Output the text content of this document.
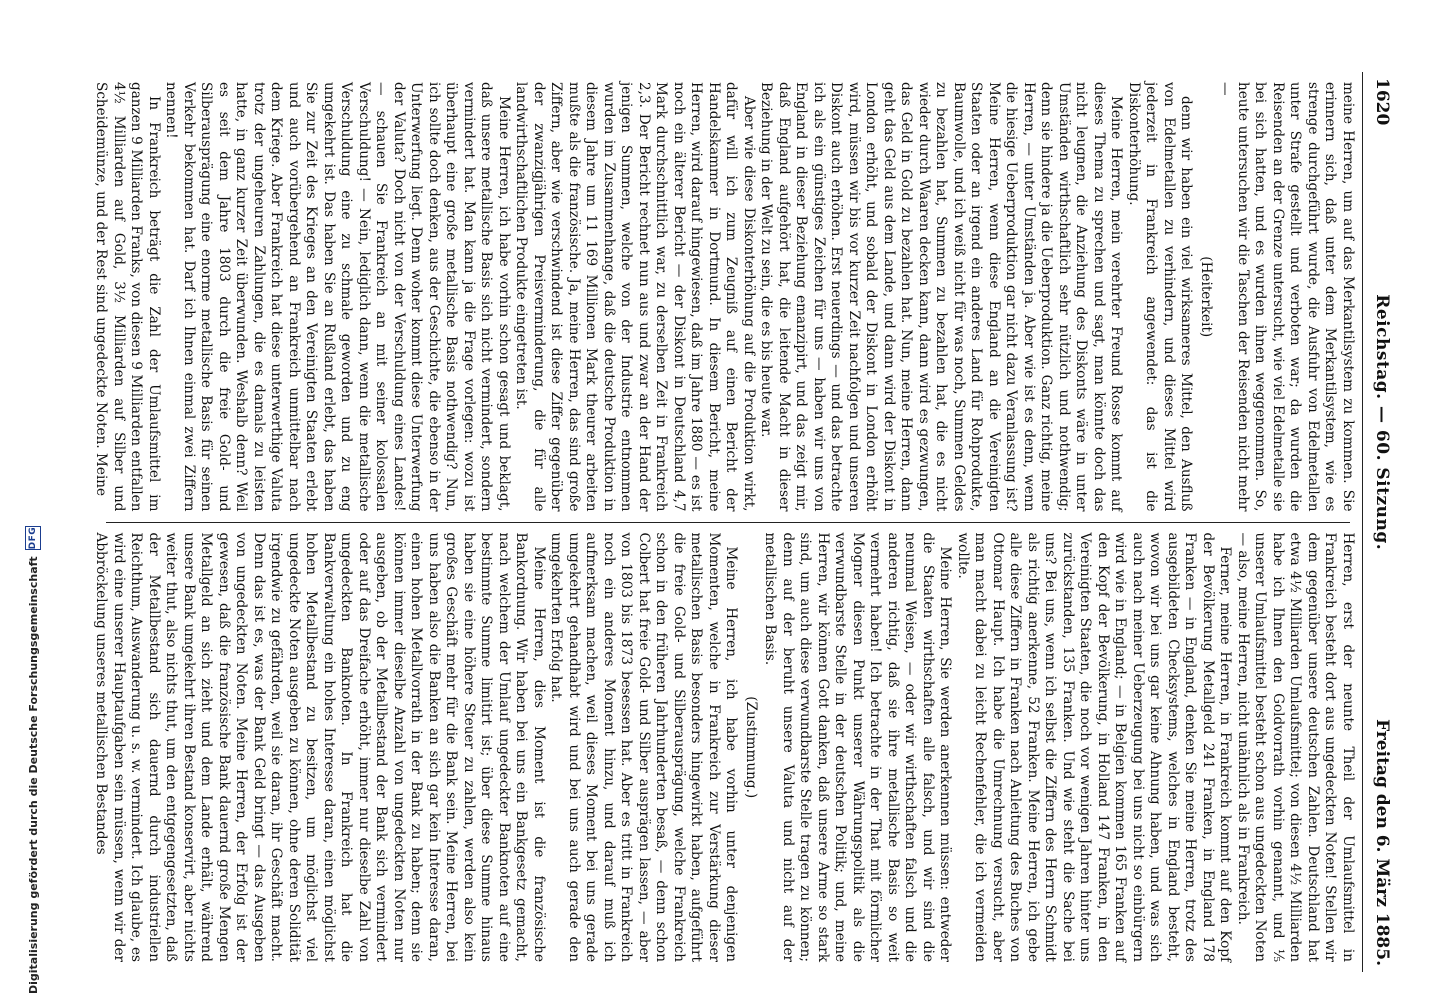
1620
Reichstag. — 60. Sitzung.
Freitag den 6. März 1885.

meine Herren, um auf das Merkantilsystem zu kommen. Sie erinnern sich, daß unter dem Merkantilsystem, wie es strenge durchgeführt wurde, die Ausfuhr von Edelmetallen unter Strafe gestellt und verboten war; da wurden die Reisenden an der Grenze untersucht, wie viel Edelmetalle sie bei sich hatten, und es wurden ihnen weggenommen. So, heute untersuchen wir die Taschen der Reisenden nicht mehr —

(Heiterkeit)

denn wir haben ein viel wirksameres Mittel, den Ausfluß von Edelmetallen zu verhindern, und dieses Mittel wird jederzeit in Frankreich angewendet: das ist die Diskonterhöhung.

Meine Herren, mein verehrter Freund Rosse kommt auf dieses Thema zu sprechen und sagt, man könnte doch das nicht leugnen, die Anziehung des Diskonts wäre in unter Umständen wirthschaftlich sehr nützlich und nothwendig; denn sie hindere ja die Ueberproduktion. Ganz richtig, meine Herren, — unter Umständen ja. Aber wie ist es denn, wenn die hiesige Ueberproduktion gar nicht dazu Veranlassung ist? Meine Herren, wenn diese England an die Vereinigten Staaten oder an irgend ein anderes Land für Rohprodukte, Baumwolle, und ich weiß nicht für was noch, Summen Geldes zu bezahlen hat, Summen zu bezahlen hat, die es nicht wieder durch Waaren decken kann, dann wird es gezwungen, das Geld in Gold zu bezahlen hat. Nun, meine Herren, dann geht das Geld aus dem Lande, und dann wird der Diskont in London erhöht, und sobald der Diskont in London erhöht wird, müssen wir bis vor kurzer Zeit nachfolgen und unseren Diskont auch erhöhen. Erst neuerdings — und das betrachte ich als ein günstiges Zeichen für uns — haben wir uns von England in dieser Beziehung emanzipirt, und das zeigt mir, daß England aufgehört hat, die leitende Macht in dieser Beziehung in der Welt zu sein, die es bis heute war.

Aber wie diese Diskonterhöhung auf die Produktion wirkt, dafür will ich zum Zeugniß auf einen Bericht der Handelskammer in Dortmund. In diesem Bericht, meine Herren, wird darauf hingewiesen, daß im Jahre 1880 — es ist noch ein älterer Bericht — der Diskont in Deutschland 4,7 Mark durchschnittlich war, zu derselben Zeit in Frankreich 2,3. Der Bericht rechnet nun aus und zwar an der Hand der jenigen Summen, welche von der Industrie entnommen wurden im Zusammenhange, daß die deutsche Produktion in diesem Jahre um 11 169 Millionen Mark theurer arbeiten mußte als die französische. Ja, meine Herren, das sind große Ziffern, aber wie verschwindend ist diese Ziffer gegenüber der zwanzigjährigen Preisverminderung, die für alle landwirthschaftlichen Produkte eingetreten ist.

Meine Herren, ich habe vorhin schon gesagt und beklagt, daß unsere metallische Basis sich nicht vermindert, sondern vermindert hat. Man kann ja die Frage vorlegen: wozu ist überhaupt eine große metallische Basis nothwendig? Nun, ich sollte doch denken, aus der Geschichte, die ebenso in der Unterwerfung liegt. Denn woher kommt diese Unterwerfung der Valuta? Doch nicht von der Verschuldung eines Landes! — schauen Sie Frankreich an mit seiner kolossalen Verschuldung! — Nein, lediglich dann, wenn die metallische Verschuldung eine zu schmale geworden und zu eng umgekehrt ist. Das haben Sie an Rußland erlebt, das haben Sie zur Zeit des Krieges an den Vereinigten Staaten erlebt und auch vorübergehend an Frankreich unmittelbar nach dem Kriege. Aber Frankreich hat diese unterwerthige Valuta trotz der ungeheuren Zahlungen, die es damals zu leisten hatte, in ganz kurzer Zeit überwunden. Weshalb denn? Weil es seit dem Jahre 1803 durch die freie Gold- und Silberausprägung eine enorme metallische Basis für seinen Verkehr bekommen hat. Darf ich Ihnen einmal zwei Ziffern nennen!

In Frankreich beträgt die Zahl der Umlaufsmittel im ganzen 9 Milliarden Franks, von diesen 9 Milliarden entfallen 4½ Milliarden auf Gold, 3½ Milliarden auf Silber und Scheidemünze, und der Rest sind ungedeckte Noten. Meine

Herren, erst der neunte Theil der Umlaufsmittel in Frankreich besteht dort aus ungedeckten Noten! Stellen wir dem gegenüber unsere deutschen Zahlen. Deutschland hat etwa 4½ Milliarden Umlaufsmittel; von diesen 4½ Milliarden habe ich Ihnen den Goldvorrath vorhin genannt, und ⅕ unserer Umlaufsmittel besteht schon aus ungedeckten Noten — also, meine Herren, nicht unähnlich als in Frankreich.

Ferner, meine Herren, in Frankreich kommt auf den Kopf der Bevölkerung Metallgeld 241 Franken, in England 178 Franken — in England, denken Sie meine Herren, trotz des ausgebildeten Checksystems, welches in England besteht, wovon wir bei uns gar keine Ahnung haben, und was sich auch nach meiner Ueberzeugung bei uns nicht so einbürgern wird wie in England; — in Belgien kommen 165 Franken auf den Kopf der Bevölkerung, in Holland 147 Franken, in den Vereinigten Staaten, die noch vor wenigen Jahren hinter uns zurückstanden, 135 Franken. Und wie steht die Sache bei uns? Bei uns, wenn ich selbst die Ziffern des Herrn Schmidt als richtig anerkenne, 52 Franken. Meine Herren, ich gebe alle diese Ziffern in Franken nach Anleitung des Buches von Ottomar Haupt. Ich habe die Umrechnung versucht, aber man macht dabei zu leicht Rechenfehler, die ich vermeiden wollte.

Meine Herren, Sie werden anerkennen müssen: entweder die Staaten wirthschaften alle falsch, und wir sind die neunmal Weisen, — oder wir wirthschaften falsch und die anderen richtig, daß sie ihre metallische Basis so weit vermehrt haben! Ich betrachte in der That mit förmlicher Mogner diesen Punkt unserer Währungspolitik als die verwundbarste Stelle in der deutschen Politik; und, meine Herren, wir können Gott danken, daß unsere Arme so stark sind, um auch diese verwundbarste Stelle tragen zu können; denn auf der beruht unsere Valuta und nicht auf der metallischen Basis.

(Zustimmung.)

Meine Herren, ich habe vorhin unter denjenigen Momenten, welche in Frankreich zur Verstärkung dieser metallischen Basis besonders hingewirkt haben, aufgeführt die freie Gold- und Silberausprägung, welche Frankreich schon in den früheren Jahrhunderten besaß, — denn schon Colbert hat freie Gold- und Silber ausprägen lassen, — aber von 1803 bis 1873 besessen hat. Aber es tritt in Frankreich noch ein anderes Moment hinzu, und darauf muß ich aufmerksam machen, weil dieses Moment bei uns gerade umgekehrt gehandhabt wird und bei uns auch gerade den umgekehrten Erfolg hat.

Meine Herren, dies Moment ist die französische Bankordnung. Wir haben bei uns ein Bankgesetz gemacht, nach welchem der Umlauf ungedeckter Banknoten auf eine bestimmte Summe limitirt ist; über diese Summe hinaus haben sie eine höhere Steuer zu zahlen, werden also kein großes Geschäft mehr für die Bank sein. Meine Herren, bei uns haben also die Banken an sich gar kein Interesse daran, einen hohen Metallvorrath in der Bank zu haben; denn sie können immer dieselbe Anzahl von ungedeckten Noten nur ausgeben, ob der Metallbestand der Bank sich vermindert oder auf das Dreifache erhöht, immer nur dieselbe Zahl von ungedeckten Banknoten. In Frankreich hat die Bankverwaltung ein hohes Interesse daran, einen möglichst hohen Metallbestand zu besitzen, um möglichst viel ungedeckte Noten ausgeben zu können, ohne deren Solidität irgendwie zu gefährden, weil sie daran, ihr Geschäft macht. Denn das ist es, was der Bank Geld bringt — das Ausgeben von ungedeckten Noten. Meine Herren, der Erfolg ist der gewesen, daß die französische Bank dauernd große Mengen Metallgeld an sich zieht und dem Lande erhält, während unsere Bank umgekehrt ihren Bestand konservirt, aber nichts weiter thut, also nichts thut, um den entgegengesetzten, daß der Metallbestand sich dauernd durch industriellen Reichthum, Auswanderung u. s. w. vermindert. Ich glaube, es wird eine unserer Hauptaufgaben sein müssen, wenn wir der Abbröckelung unseres metallischen Bestandes

Digitalisierung gefördert durch die Deutsche Forschungsgemeinschaft
DFG
